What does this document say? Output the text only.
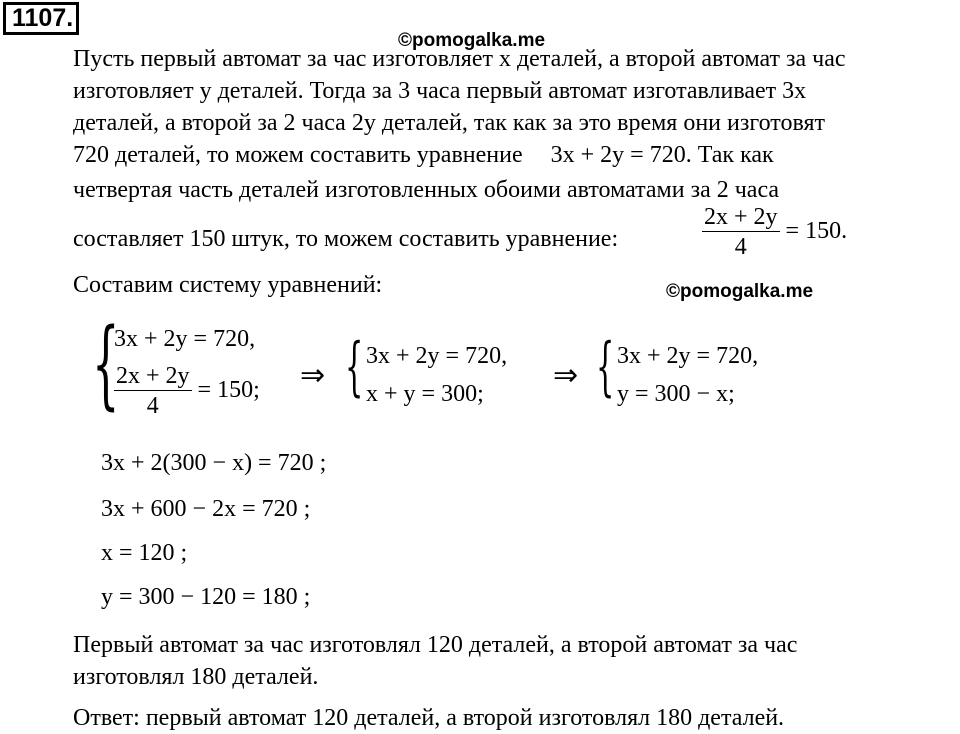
1107.
©pomogalka.me
Пусть первый автомат за час изготовляет x деталей, а второй автомат за час
изготовляет y деталей. Тогда за 3 часа первый автомат изготавливает 3x
деталей, а второй за 2 часа 2y деталей, так как за это время они изготовят
720 деталей, то можем составить уравнение 3x + 2y = 720. Так как
четвертая часть деталей изготовленных обоими автоматами за 2 часа
составляет 150 штук, то можем составить уравнение:	$\frac{2x + 2y}{4} = 150$.
Составим систему уравнений:	©pomogalka.me
{
3x + 2y = 720,
$\frac{2x + 2y}{4} = 150$; ⇒ { 3x + 2y = 720,
x + y = 300;
⇒ { 3x + 2y = 720,
y = 300 − x;
3x + 2(300 − x) = 720 ;
3x + 600 − 2x = 720 ;
x = 120 ;
y = 300 − 120 = 180 ;
Первый автомат за час изготовлял 120 деталей, а второй автомат за час
изготовлял 180 деталей.
Ответ: первый автомат 120 деталей, а второй изготовлял 180 деталей.
